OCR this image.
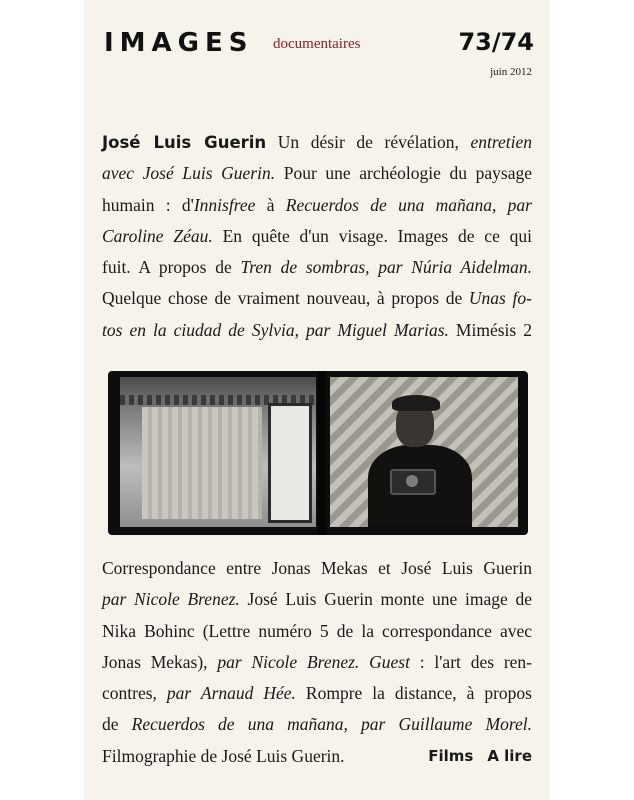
IMAGES documentaires	73/74
juin 2012
José Luis Guerin Un désir de révélation, entretien
avec José Luis Guerin. Pour une archéologie du paysage
humain : d'Innisfree à Recuerdos de una mañana, par
Caroline Zéau. En quête d'un visage. Images de ce qui
fuit. A propos de Tren de sombras, par Núria Aidelman.
Quelque chose de vraiment nouveau, à propos de Unas fo-
tos en la ciudad de Sylvia, par Miguel Marias. Mimésis 2
Correspondance entre Jonas Mekas et José Luis Guerin
par Nicole Brenez. José Luis Guerin monte une image de
Nika Bohinc (Lettre numéro 5 de la correspondance avec
Jonas Mekas), par Nicole Brenez. Guest : l'art des ren-
contres, par Arnaud Hée. Rompre la distance, à propos
de Recuerdos de una mañana, par Guillaume Morel.
Filmographie de José Luis Guerin.	Films A lire
